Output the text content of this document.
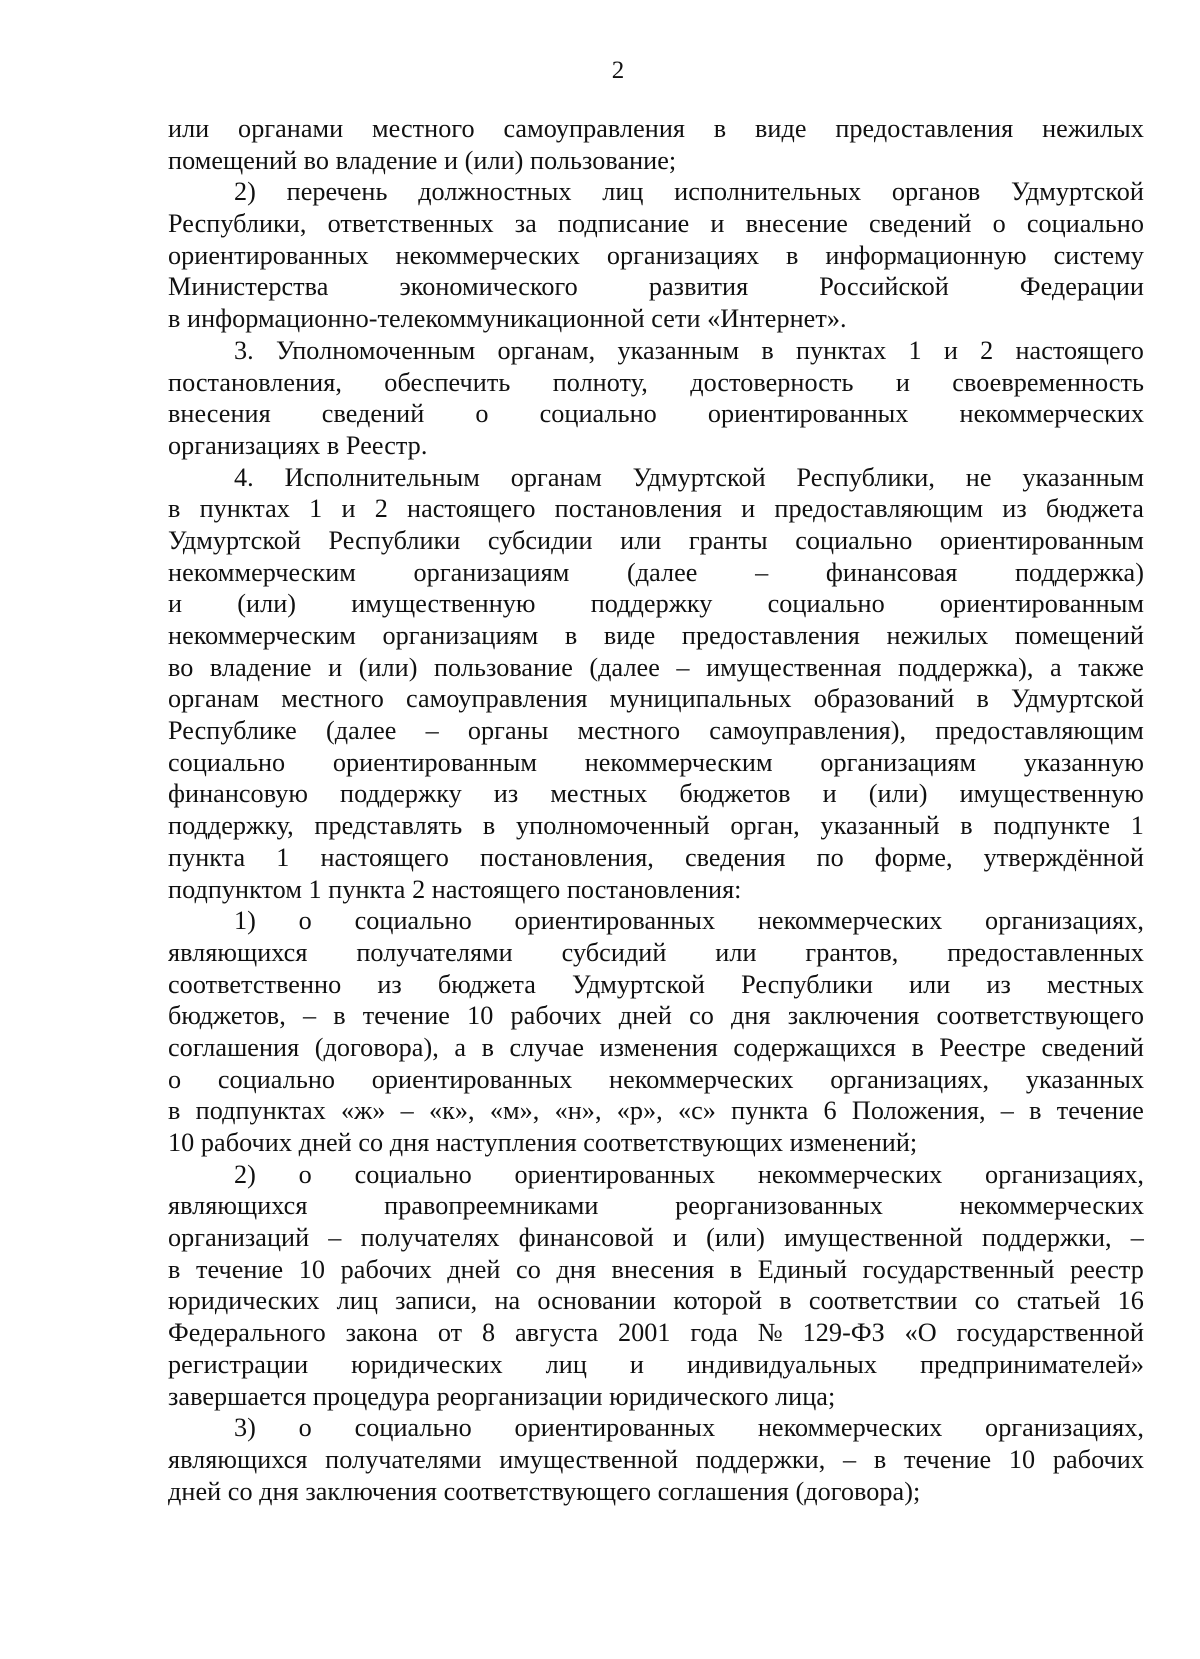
2
или органами местного самоуправления в виде предоставления нежилых
помещений во владение и (или) пользование;
2) перечень должностных лиц исполнительных органов Удмуртской
Республики, ответственных за подписание и внесение сведений о социально
ориентированных некоммерческих организациях в информационную систему
Министерства	экономического	развития	Российской	Федерации
в информационно-телекоммуникационной сети «Интернет».
3. Уполномоченным органам, указанным в пунктах 1 и 2 настоящего
постановления, обеспечить полноту, достоверность и своевременность
внесения сведений о социально ориентированных некоммерческих
организациях в Реестр.
4. Исполнительным органам Удмуртской Республики, не указанным
в пунктах 1 и 2 настоящего постановления и предоставляющим из бюджета
Удмуртской Республики субсидии или гранты социально ориентированным
некоммерческим организациям (далее – финансовая поддержка)
и (или) имущественную поддержку социально ориентированным
некоммерческим организациям в виде предоставления нежилых помещений
во владение и (или) пользование (далее – имущественная поддержка), а также
органам местного самоуправления муниципальных образований в Удмуртской
Республике (далее – органы местного самоуправления), предоставляющим
социально ориентированным некоммерческим организациям указанную
финансовую поддержку из местных бюджетов и (или) имущественную
поддержку, представлять в уполномоченный орган, указанный в подпункте 1
пункта 1 настоящего постановления, сведения по форме, утверждённой
подпунктом 1 пункта 2 настоящего постановления:
1) о социально ориентированных некоммерческих организациях,
являющихся получателями субсидий или грантов, предоставленных
соответственно из бюджета Удмуртской Республики или из местных
бюджетов, – в течение 10 рабочих дней со дня заключения соответствующего
соглашения (договора), а в случае изменения содержащихся в Реестре сведений
о социально ориентированных некоммерческих организациях, указанных
в подпунктах «ж» – «к», «м», «н», «р», «с» пункта 6 Положения, – в течение
10 рабочих дней со дня наступления соответствующих изменений;
2) о социально ориентированных некоммерческих организациях,
являющихся	правопреемниками	реорганизованных	некоммерческих
организаций – получателях финансовой и (или) имущественной поддержки, –
в течение 10 рабочих дней со дня внесения в Единый государственный реестр
юридических лиц записи, на основании которой в соответствии со статьей 16
Федерального закона от 8 августа 2001 года № 129-ФЗ «О государственной
регистрации юридических лиц и индивидуальных предпринимателей»
завершается процедура реорганизации юридического лица;
3) о социально ориентированных некоммерческих организациях,
являющихся получателями имущественной поддержки, – в течение 10 рабочих
дней со дня заключения соответствующего соглашения (договора);
